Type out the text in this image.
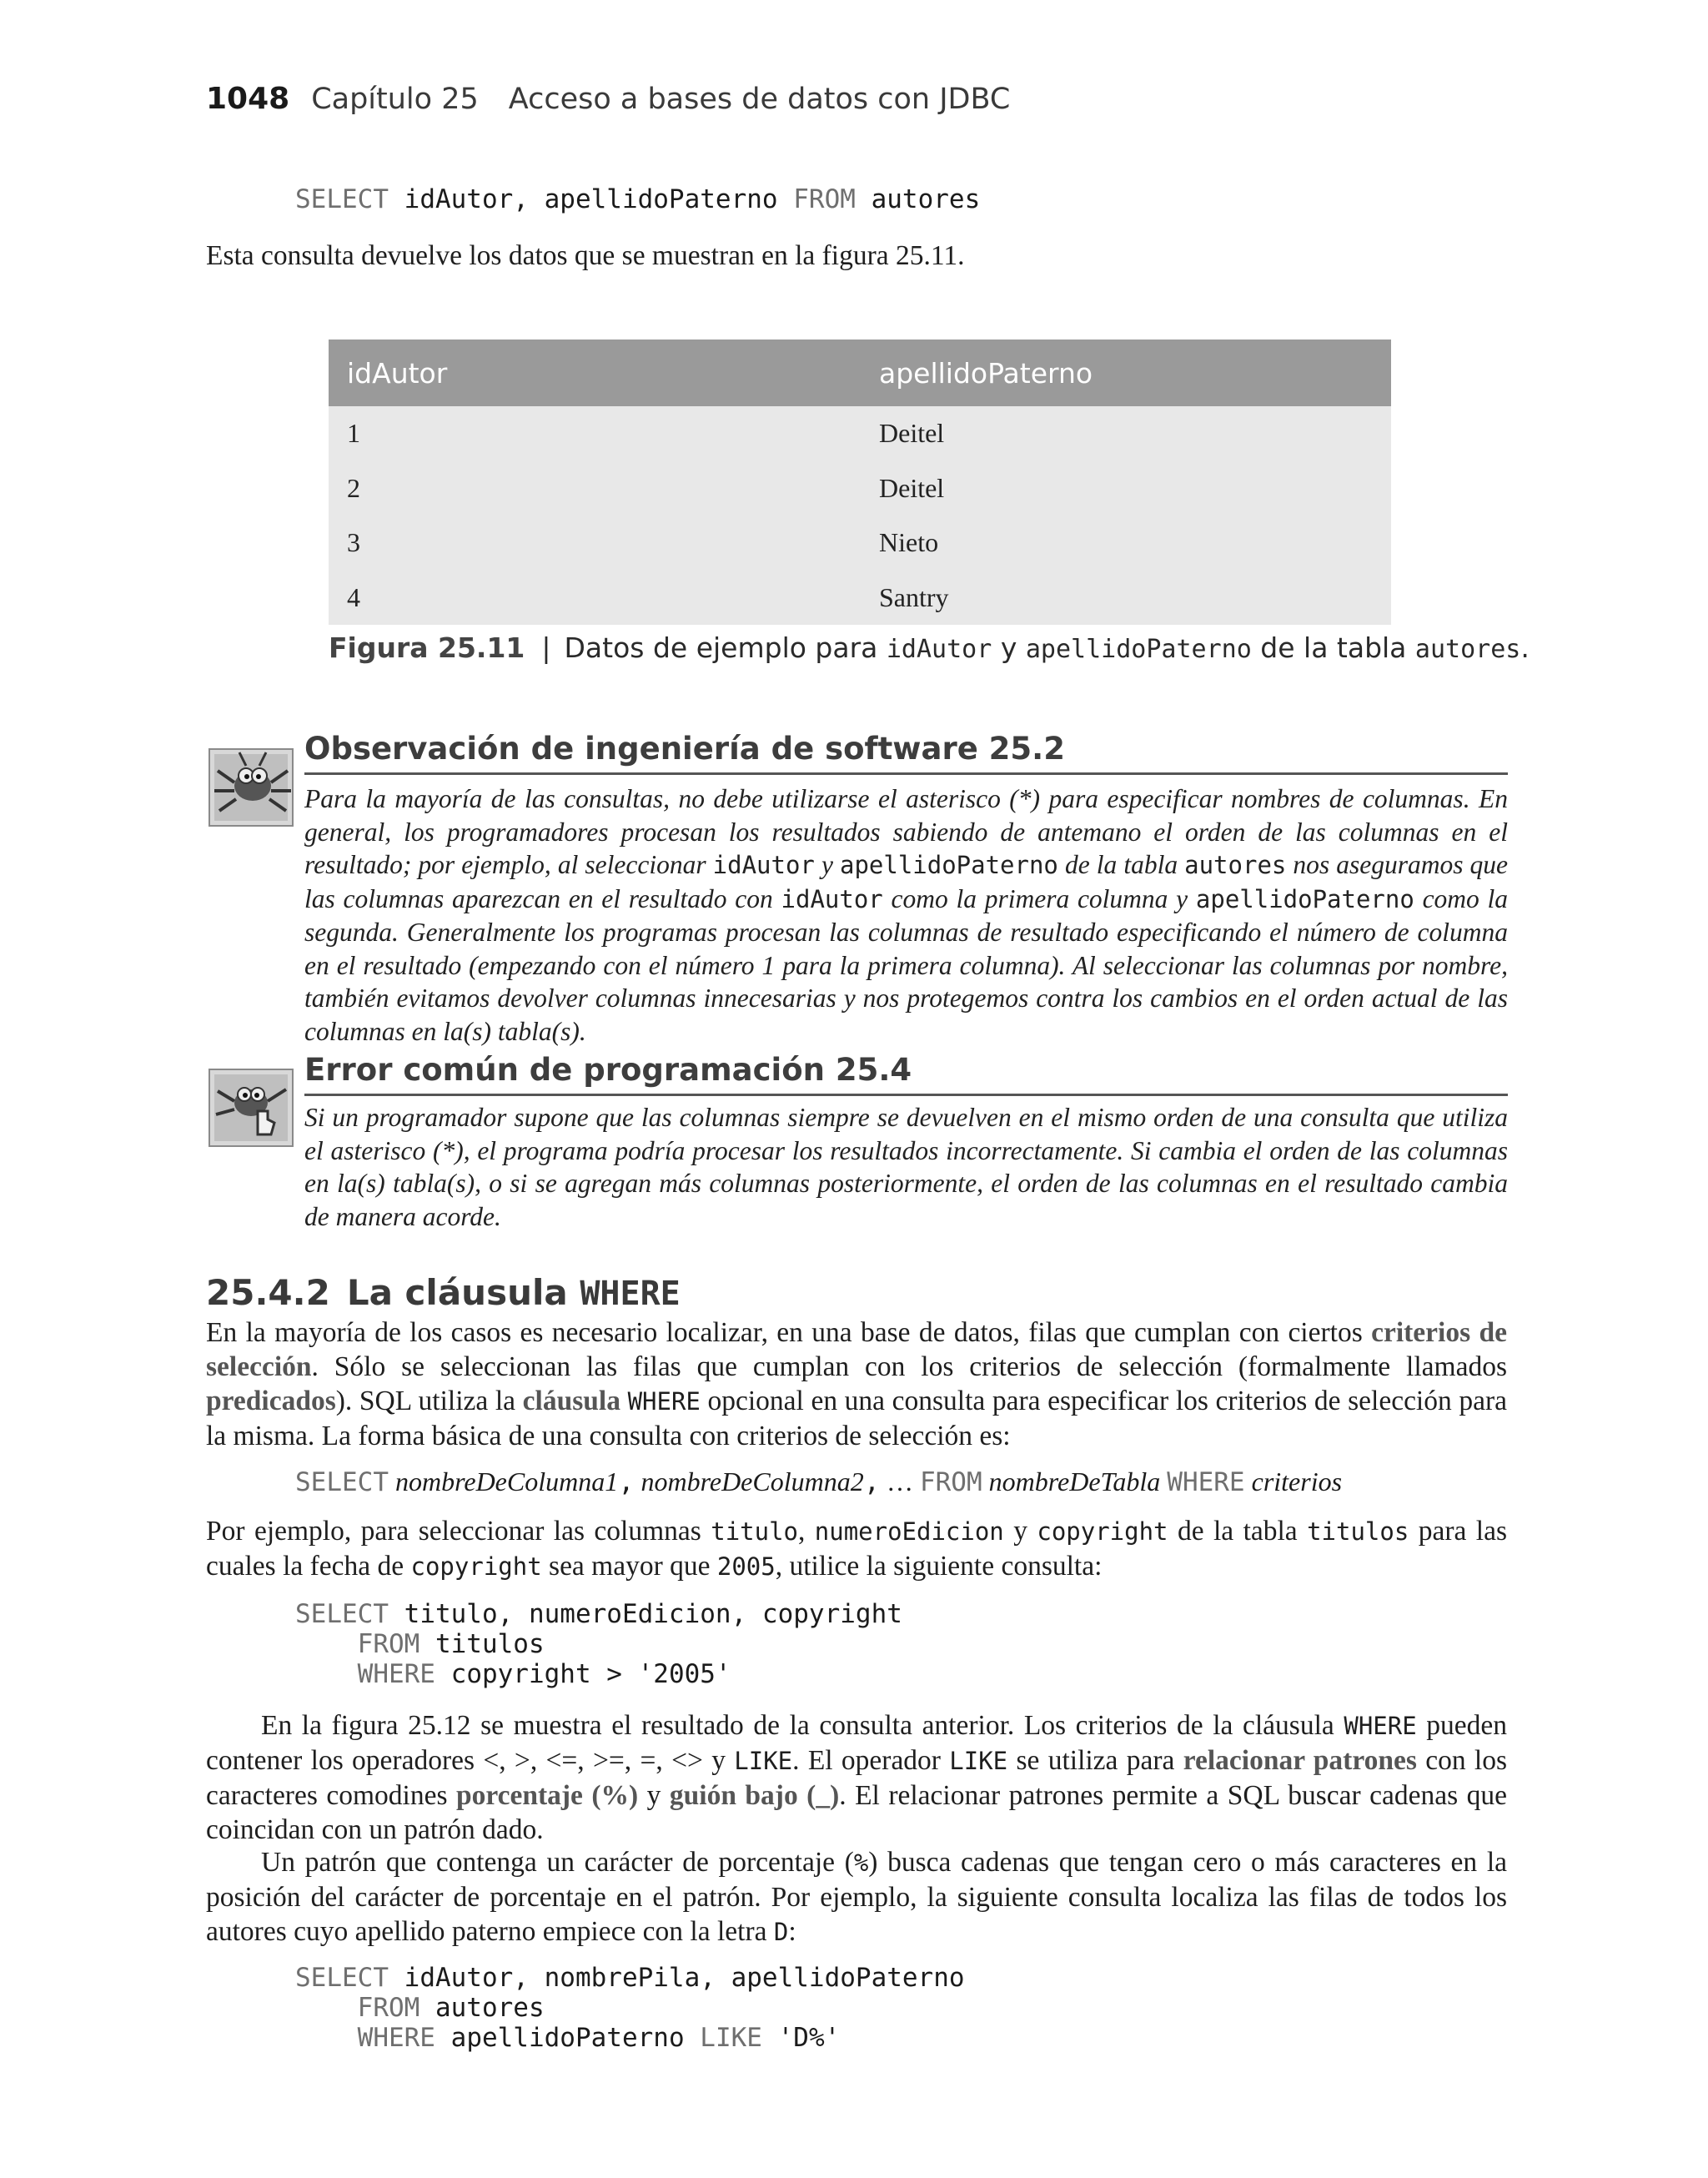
1048 Capítulo 25 Acceso a bases de datos con JDBC
SELECT idAutor, apellidoPaterno FROM autores
Esta consulta devuelve los datos que se muestran en la figura 25.11.
idAutor	apellidoPaterno
1	Deitel
2	Deitel
3	Nieto
4	Santry
Figura 25.11 | Datos de ejemplo para idAutor y apellidoPaterno de la tabla autores.
Observación de ingeniería de software 25.2
Para la mayoría de las consultas, no debe utilizarse el asterisco (*) para especificar nombres de columnas. En general, los programadores procesan los resultados sabiendo de antemano el orden de las columnas en el resultado; por ejemplo, al seleccionar idAutor y apellidoPaterno de la tabla autores nos aseguramos que las columnas aparezcan en el resultado con idAutor como la primera columna y apellidoPaterno como la segunda. Generalmente los programas procesan las columnas de resultado especificando el número de columna en el resultado (empezando con el número 1 para la primera columna). Al seleccionar las columnas por nombre, también evitamos devolver columnas innecesarias y nos protegemos contra los cambios en el orden actual de las columnas en la(s) tabla(s).
Error común de programación 25.4
Si un programador supone que las columnas siempre se devuelven en el mismo orden de una consulta que utiliza el asterisco (*), el programa podría procesar los resultados incorrectamente. Si cambia el orden de las columnas en la(s) tabla(s), o si se agregan más columnas posteriormente, el orden de las columnas en el resultado cambia de manera acorde.
25.4.2 La cláusula WHERE
En la mayoría de los casos es necesario localizar, en una base de datos, filas que cumplan con ciertos criterios de selección. Sólo se seleccionan las filas que cumplan con los criterios de selección (formalmente llamados predicados). SQL utiliza la cláusula WHERE opcional en una consulta para especificar los criterios de selección para la misma. La forma básica de una consulta con criterios de selección es:
SELECT nombreDeColumna1, nombreDeColumna2, … FROM nombreDeTabla WHERE criterios
Por ejemplo, para seleccionar las columnas titulo, numeroEdicion y copyright de la tabla titulos para las cuales la fecha de copyright sea mayor que 2005, utilice la siguiente consulta:
SELECT titulo, numeroEdicion, copyright
FROM titulos
WHERE copyright > '2005'
En la figura 25.12 se muestra el resultado de la consulta anterior. Los criterios de la cláusula WHERE pueden contener los operadores <, >, <=, >=, =, <> y LIKE. El operador LIKE se utiliza para relacionar patrones con los caracteres comodines porcentaje (%) y guión bajo (_). El relacionar patrones permite a SQL buscar cadenas que coincidan con un patrón dado.
Un patrón que contenga un carácter de porcentaje (%) busca cadenas que tengan cero o más caracteres en la posición del carácter de porcentaje en el patrón. Por ejemplo, la siguiente consulta localiza las filas de todos los autores cuyo apellido paterno empiece con la letra D:
SELECT idAutor, nombrePila, apellidoPaterno
FROM autores
WHERE apellidoPaterno LIKE 'D%'
